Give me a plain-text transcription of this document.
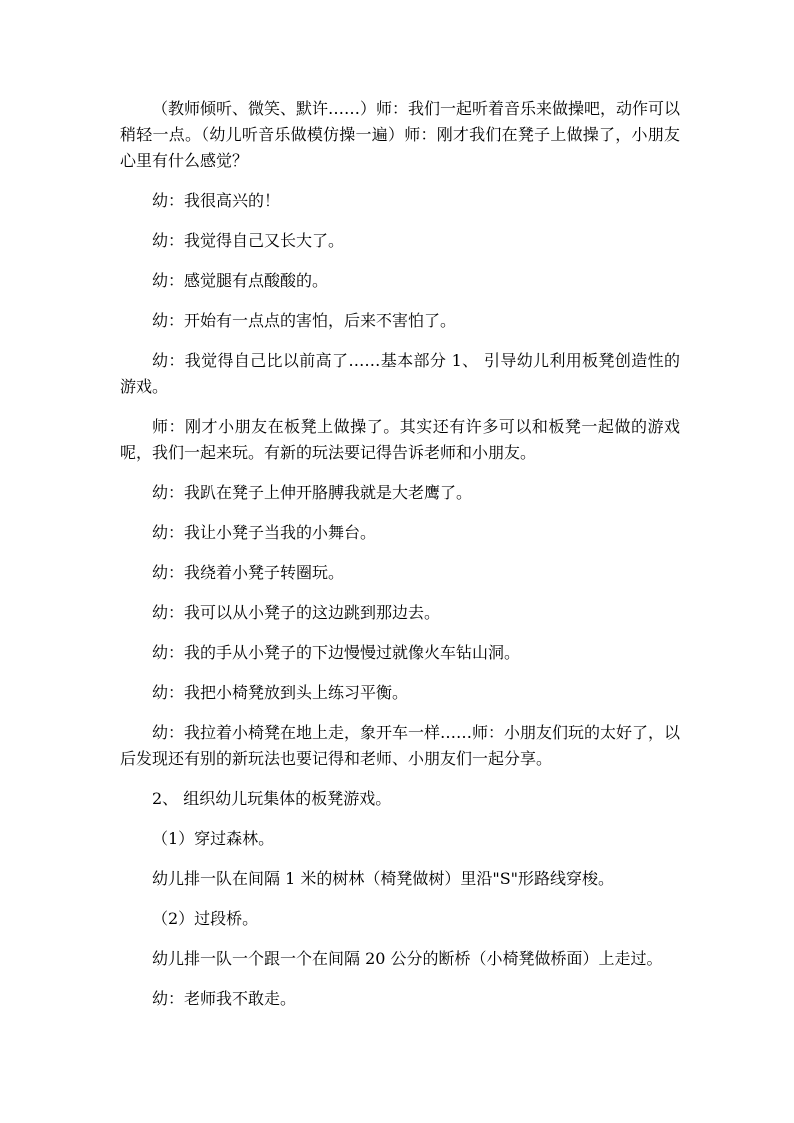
（教师倾听、微笑、默许……）师：我们一起听着音乐来做操吧，动作可以稍轻一点。（幼儿听音乐做模仿操一遍）师：刚才我们在凳子上做操了，小朋友心里有什么感觉？

幼：我很高兴的！

幼：我觉得自己又长大了。

幼：感觉腿有点酸酸的。

幼：开始有一点点的害怕，后来不害怕了。

幼：我觉得自己比以前高了……基本部分 1、 引导幼儿利用板凳创造性的游戏。

师：刚才小朋友在板凳上做操了。其实还有许多可以和板凳一起做的游戏呢，我们一起来玩。有新的玩法要记得告诉老师和小朋友。

幼：我趴在凳子上伸开胳膊我就是大老鹰了。

幼：我让小凳子当我的小舞台。

幼：我绕着小凳子转圈玩。

幼：我可以从小凳子的这边跳到那边去。

幼：我的手从小凳子的下边慢慢过就像火车钻山洞。

幼：我把小椅凳放到头上练习平衡。

幼：我拉着小椅凳在地上走，象开车一样……师：小朋友们玩的太好了，以后发现还有别的新玩法也要记得和老师、小朋友们一起分享。

2、 组织幼儿玩集体的板凳游戏。

（1）穿过森林。

幼儿排一队在间隔 1 米的树林（椅凳做树）里沿"S"形路线穿梭。

（2）过段桥。

幼儿排一队一个跟一个在间隔 20 公分的断桥（小椅凳做桥面）上走过。

幼：老师我不敢走。
